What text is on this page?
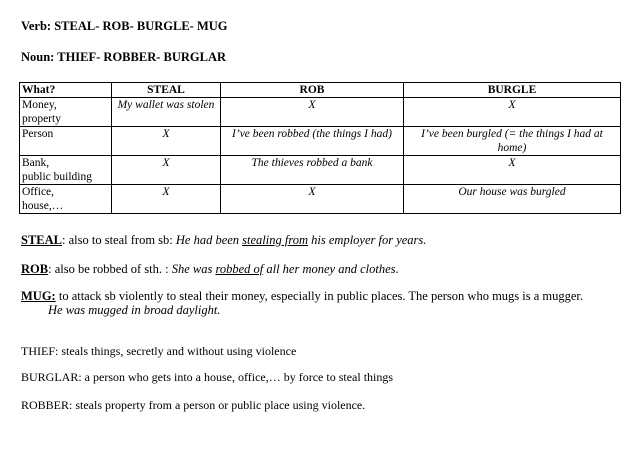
Verb: STEAL- ROB- BURGLE- MUG
Noun: THIEF- ROBBER- BURGLAR
What?	STEAL	ROB	BURGLE
Money,
property	My wallet was stolen	X	X
Person	X	I’ve been robbed (the things I had)	I’ve been burgled (= the things I had at
home)
Bank,
public building	X	The thieves robbed a bank	X
Office,
house,…	X	X	Our house was burgled
STEAL: also to steal from sb: He had been stealing from his employer for years.
ROB: also be robbed of sth. : She was robbed of all her money and clothes.
MUG: to attack sb violently to steal their money, especially in public places. The person who mugs is a mugger.
He was mugged in broad daylight.
THIEF: steals things, secretly and without using violence
BURGLAR: a person who gets into a house, office,… by force to steal things
ROBBER: steals property from a person or public place using violence.
